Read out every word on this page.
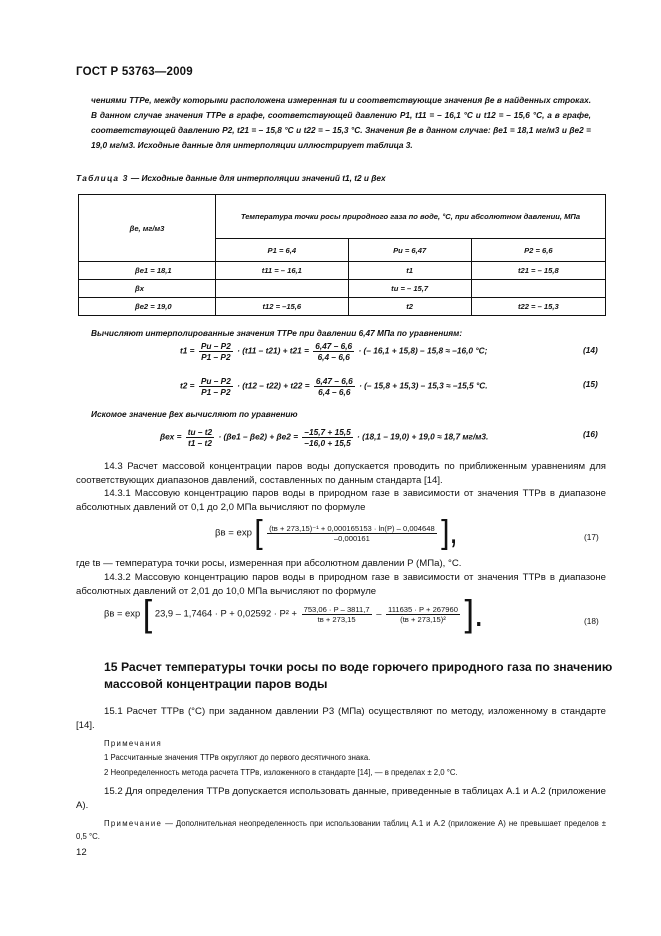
ГОСТ Р 53763—2009
чениями ТТРе, между которыми расположена измеренная tu и соответствующие значения βе в найденных строках. В данном случае значения ТТРе в графе, соответствующей давлению P1, t11 = – 16,1 °C и t12 = – 15,6 °C, а в графе, соответствующей давлению P2, t21 = – 15,8 °C и t22 = – 15,3 °C. Значения βе в данном случае: βе1 = 18,1 мг/м3 и βе2 = 19,0 мг/м3. Исходные данные для интерполяции иллюстрирует таблица 3.
Таблица 3 — Исходные данные для интерполяции значений t1, t2 и βex
βе, мг/м3	Температура точки росы природного газа по воде, °C, при абсолютном давлении, МПа		
	P1 = 6,4	Pu = 6,47	P2 = 6,6
βе1 = 18,1	t11 = – 16,1	t1	t21 = – 15,8
βx		tu = – 15,7	
βе2 = 19,0	t12 = –15,6	t2	t22 = – 15,3
Вычисляют интерполированные значения ТТРе при давлении 6,47 МПа по уравнениям:
$t1 = \frac{Pu - P2}{P1 - P2} \cdot (t11 - t21) + t21 = \frac{6,47 - 6,6}{6,4 - 6,6}$ · (– 16,1 + 15,8) – 15,8 ≈ –16,0 °C;	(14)
$t2 = \frac{Pu - P2}{P1 - P2} \cdot (t12 - t22) + t22 = \frac{6,47 - 6,6}{6,4 - 6,6}$ · (– 15,8 + 15,3) – 15,3 ≈ –15,5 °C.	(15)
Искомое значение βех вычисляют по уравнению
$\beta ех = \frac{tu - t2}{t1 - t2} \cdot (\beta е1 - \beta е2) + \beta е2 = \frac{-15,7 + 15,5}{-16,0 + 15,5} \cdot (18,1 - 19,0) + 19,0 \approx 18,7$ мг/м3.	(16)
14.3 Расчет массовой концентрации паров воды допускается проводить по приближенным уравнениям для соответствующих диапазонов давлений, составленных по данным стандарта [14].
14.3.1 Массовую концентрацию паров воды в природном газе в зависимости от значения ТТРв в диапазоне абсолютных давлений от 0,1 до 2,0 МПа вычисляют по формуле
βв = exp [ $\frac{\text{(tв + 273,15)⁻¹ + 0,000165153 · ln(P) – 0,004648}}{-0,000161}$ ],	(17)
где tв — температура точки росы, измеренная при абсолютном давлении P (МПа), °C.
14.3.2 Массовую концентрацию паров воды в природном газе в зависимости от значения ТТРв в диапазоне абсолютных давлений от 2,01 до 10,0 МПа вычисляют по формуле
βв = exp [ $23,9 - 1,7464 \cdot P + 0,02592 \cdot P^2 + \frac{753,06 \cdot P - 3811,7}{tв + 273,15} - \frac{111635 \cdot P + 267960}{\text{(tв + 273,15)²}}$ ].	(18)
15 Расчет температуры точки росы по воде горючего природного газа по значению массовой концентрации паров воды
15.1 Расчет ТТРв (°C) при заданном давлении P3 (МПа) осуществляют по методу, изложенному в стандарте [14].
Примечания
1 Рассчитанные значения ТТРв округляют до первого десятичного знака.
2 Неопределенность метода расчета ТТРв, изложенного в стандарте [14], — в пределах ± 2,0 °C.
15.2 Для определения ТТРв допускается использовать данные, приведенные в таблицах А.1 и А.2 (приложение А).
Примечание — Дополнительная неопределенность при использовании таблиц А.1 и А.2 (приложение А) не превышает пределов ± 0,5 °C.
12
